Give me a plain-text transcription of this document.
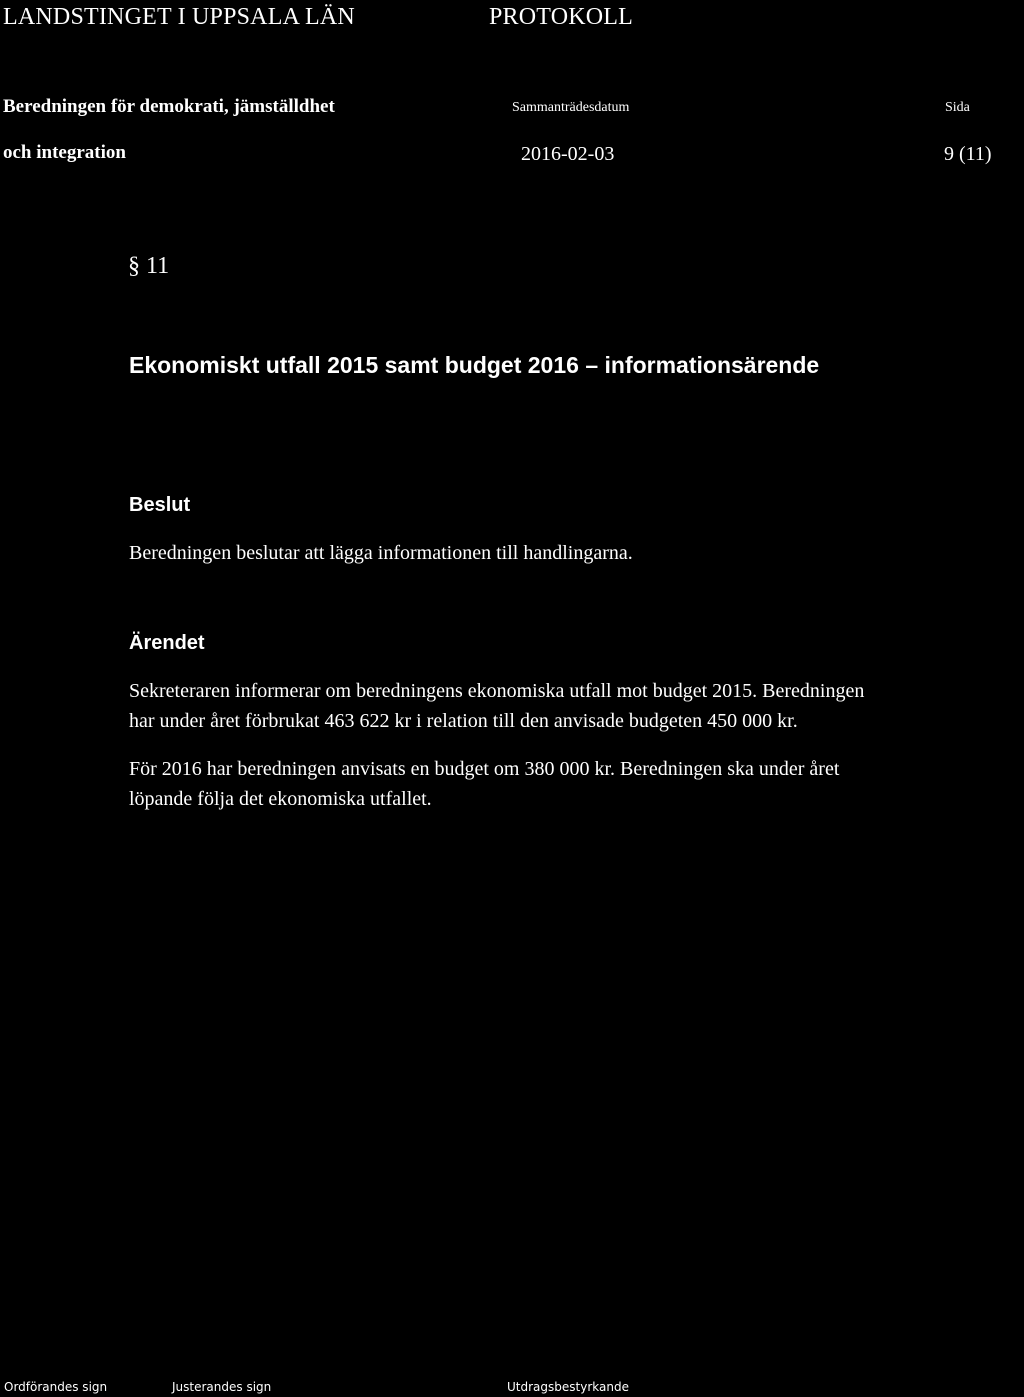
LANDSTINGET I UPPSALA LÄN	PROTOKOLL
Beredningen för demokrati, jämställdhet
och integration
Sammanträdesdatum
2016-02-03
Sida
9 (11)
§ 11
Ekonomiskt utfall 2015 samt budget 2016 – informationsärende
Beslut

Beredningen beslutar att lägga informationen till handlingarna.

Ärendet
Sekreteraren informerar om beredningens ekonomiska utfall mot budget 2015. Beredningen
har under året förbrukat 463 622 kr i relation till den anvisade budgeten 450 000 kr.
För 2016 har beredningen anvisats en budget om 380 000 kr. Beredningen ska under året
löpande följa det ekonomiska utfallet.
Ordförandes sign	Justerandes sign	Utdragsbestyrkande
